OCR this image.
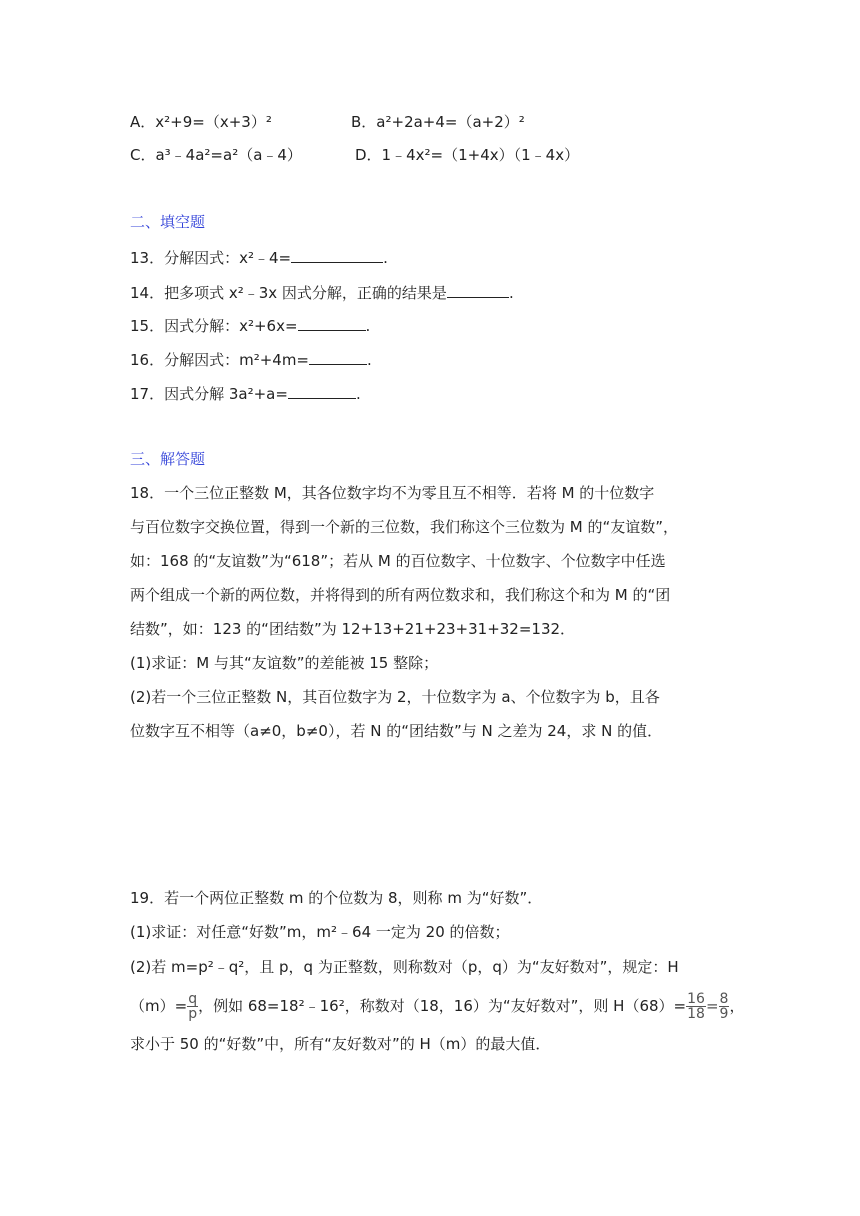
A．x²+9=（x+3）²	B．a²+2a+4=（a+2）²
C．a³﹣4a²=a²（a﹣4）	D．1﹣4x²=（1+4x）（1﹣4x）
二、填空题
13．分解因式：x²﹣4=	.
14．把多项式 x²﹣3x 因式分解，正确的结果是	.
15．因式分解：x²+6x=	.
16．分解因式：m²+4m=	.
17．因式分解 3a²+a=	.
三、解答题
18．一个三位正整数 M，其各位数字均不为零且互不相等．若将 M 的十位数字
与百位数字交换位置，得到一个新的三位数，我们称这个三位数为 M 的“友谊数”，
如：168 的“友谊数”为“618”；若从 M 的百位数字、十位数字、个位数字中任选
两个组成一个新的两位数，并将得到的所有两位数求和，我们称这个和为 M 的“团
结数”，如：123 的“团结数”为 12+13+21+23+31+32=132．
(1)求证：M 与其“友谊数”的差能被 15 整除；
(2)若一个三位正整数 N，其百位数字为 2，十位数字为 a、个位数字为 b，且各
位数字互不相等（a≠0，b≠0），若 N 的“团结数”与 N 之差为 24，求 N 的值．
19．若一个两位正整数 m 的个位数为 8，则称 m 为“好数”．
(1)求证：对任意“好数”m，m²﹣64 一定为 20 的倍数；
(2)若 m=p²﹣q²，且 p，q 为正整数，则称数对（p，q）为“友好数对”，规定：H
$(m)= \frac{q}{p}$ ，例如 68=18²﹣16²，称数对（18，16）为“友好数对”，则 $H(68)= \frac{16}{18} = \frac{8}{9}$ ，
求小于 50 的“好数”中，所有“友好数对”的 H（m）的最大值．
